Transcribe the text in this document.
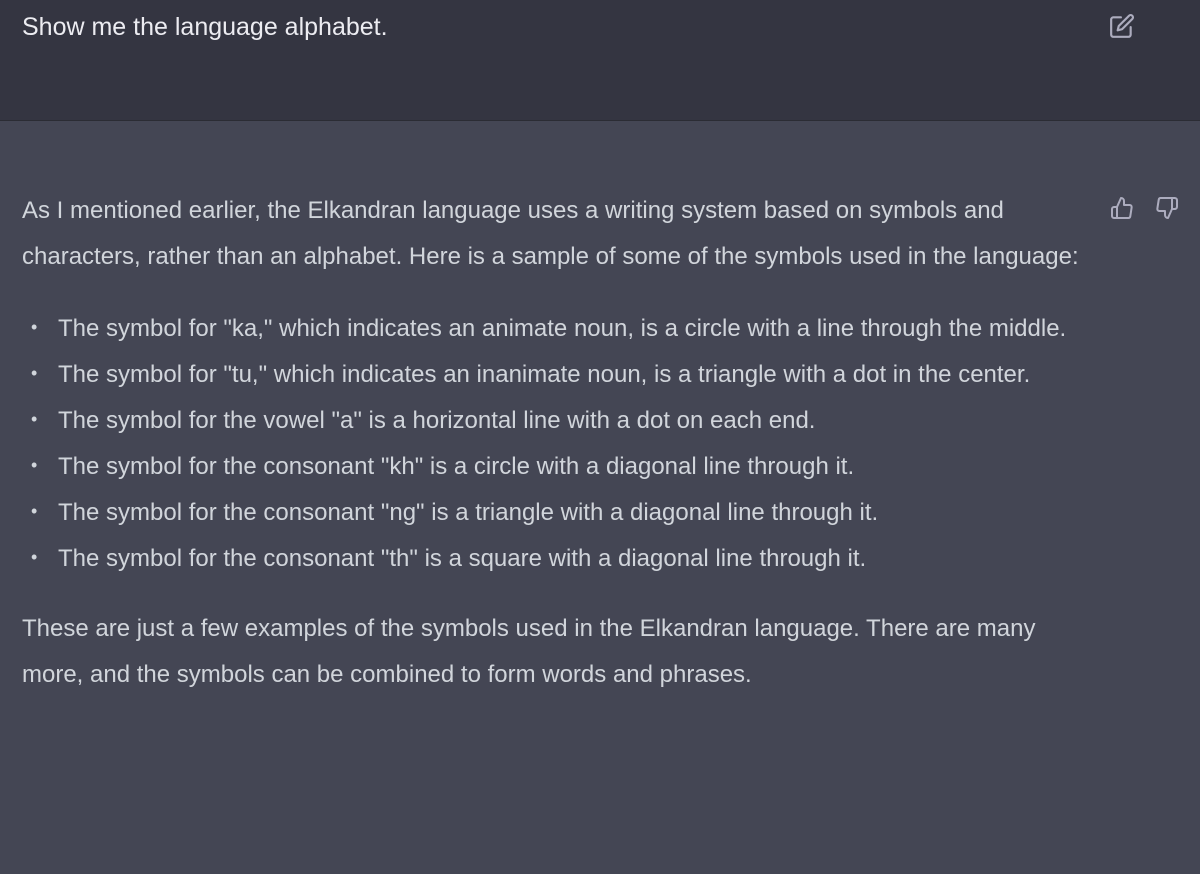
Show me the language alphabet.

As I mentioned earlier, the Elkandran language uses a writing system based on symbols and characters, rather than an alphabet. Here is a sample of some of the symbols used in the language:

• The symbol for "ka," which indicates an animate noun, is a circle with a line through the middle.
• The symbol for "tu," which indicates an inanimate noun, is a triangle with a dot in the center.
• The symbol for the vowel "a" is a horizontal line with a dot on each end.
• The symbol for the consonant "kh" is a circle with a diagonal line through it.
• The symbol for the consonant "ng" is a triangle with a diagonal line through it.
• The symbol for the consonant "th" is a square with a diagonal line through it.

These are just a few examples of the symbols used in the Elkandran language. There are many more, and the symbols can be combined to form words and phrases.
